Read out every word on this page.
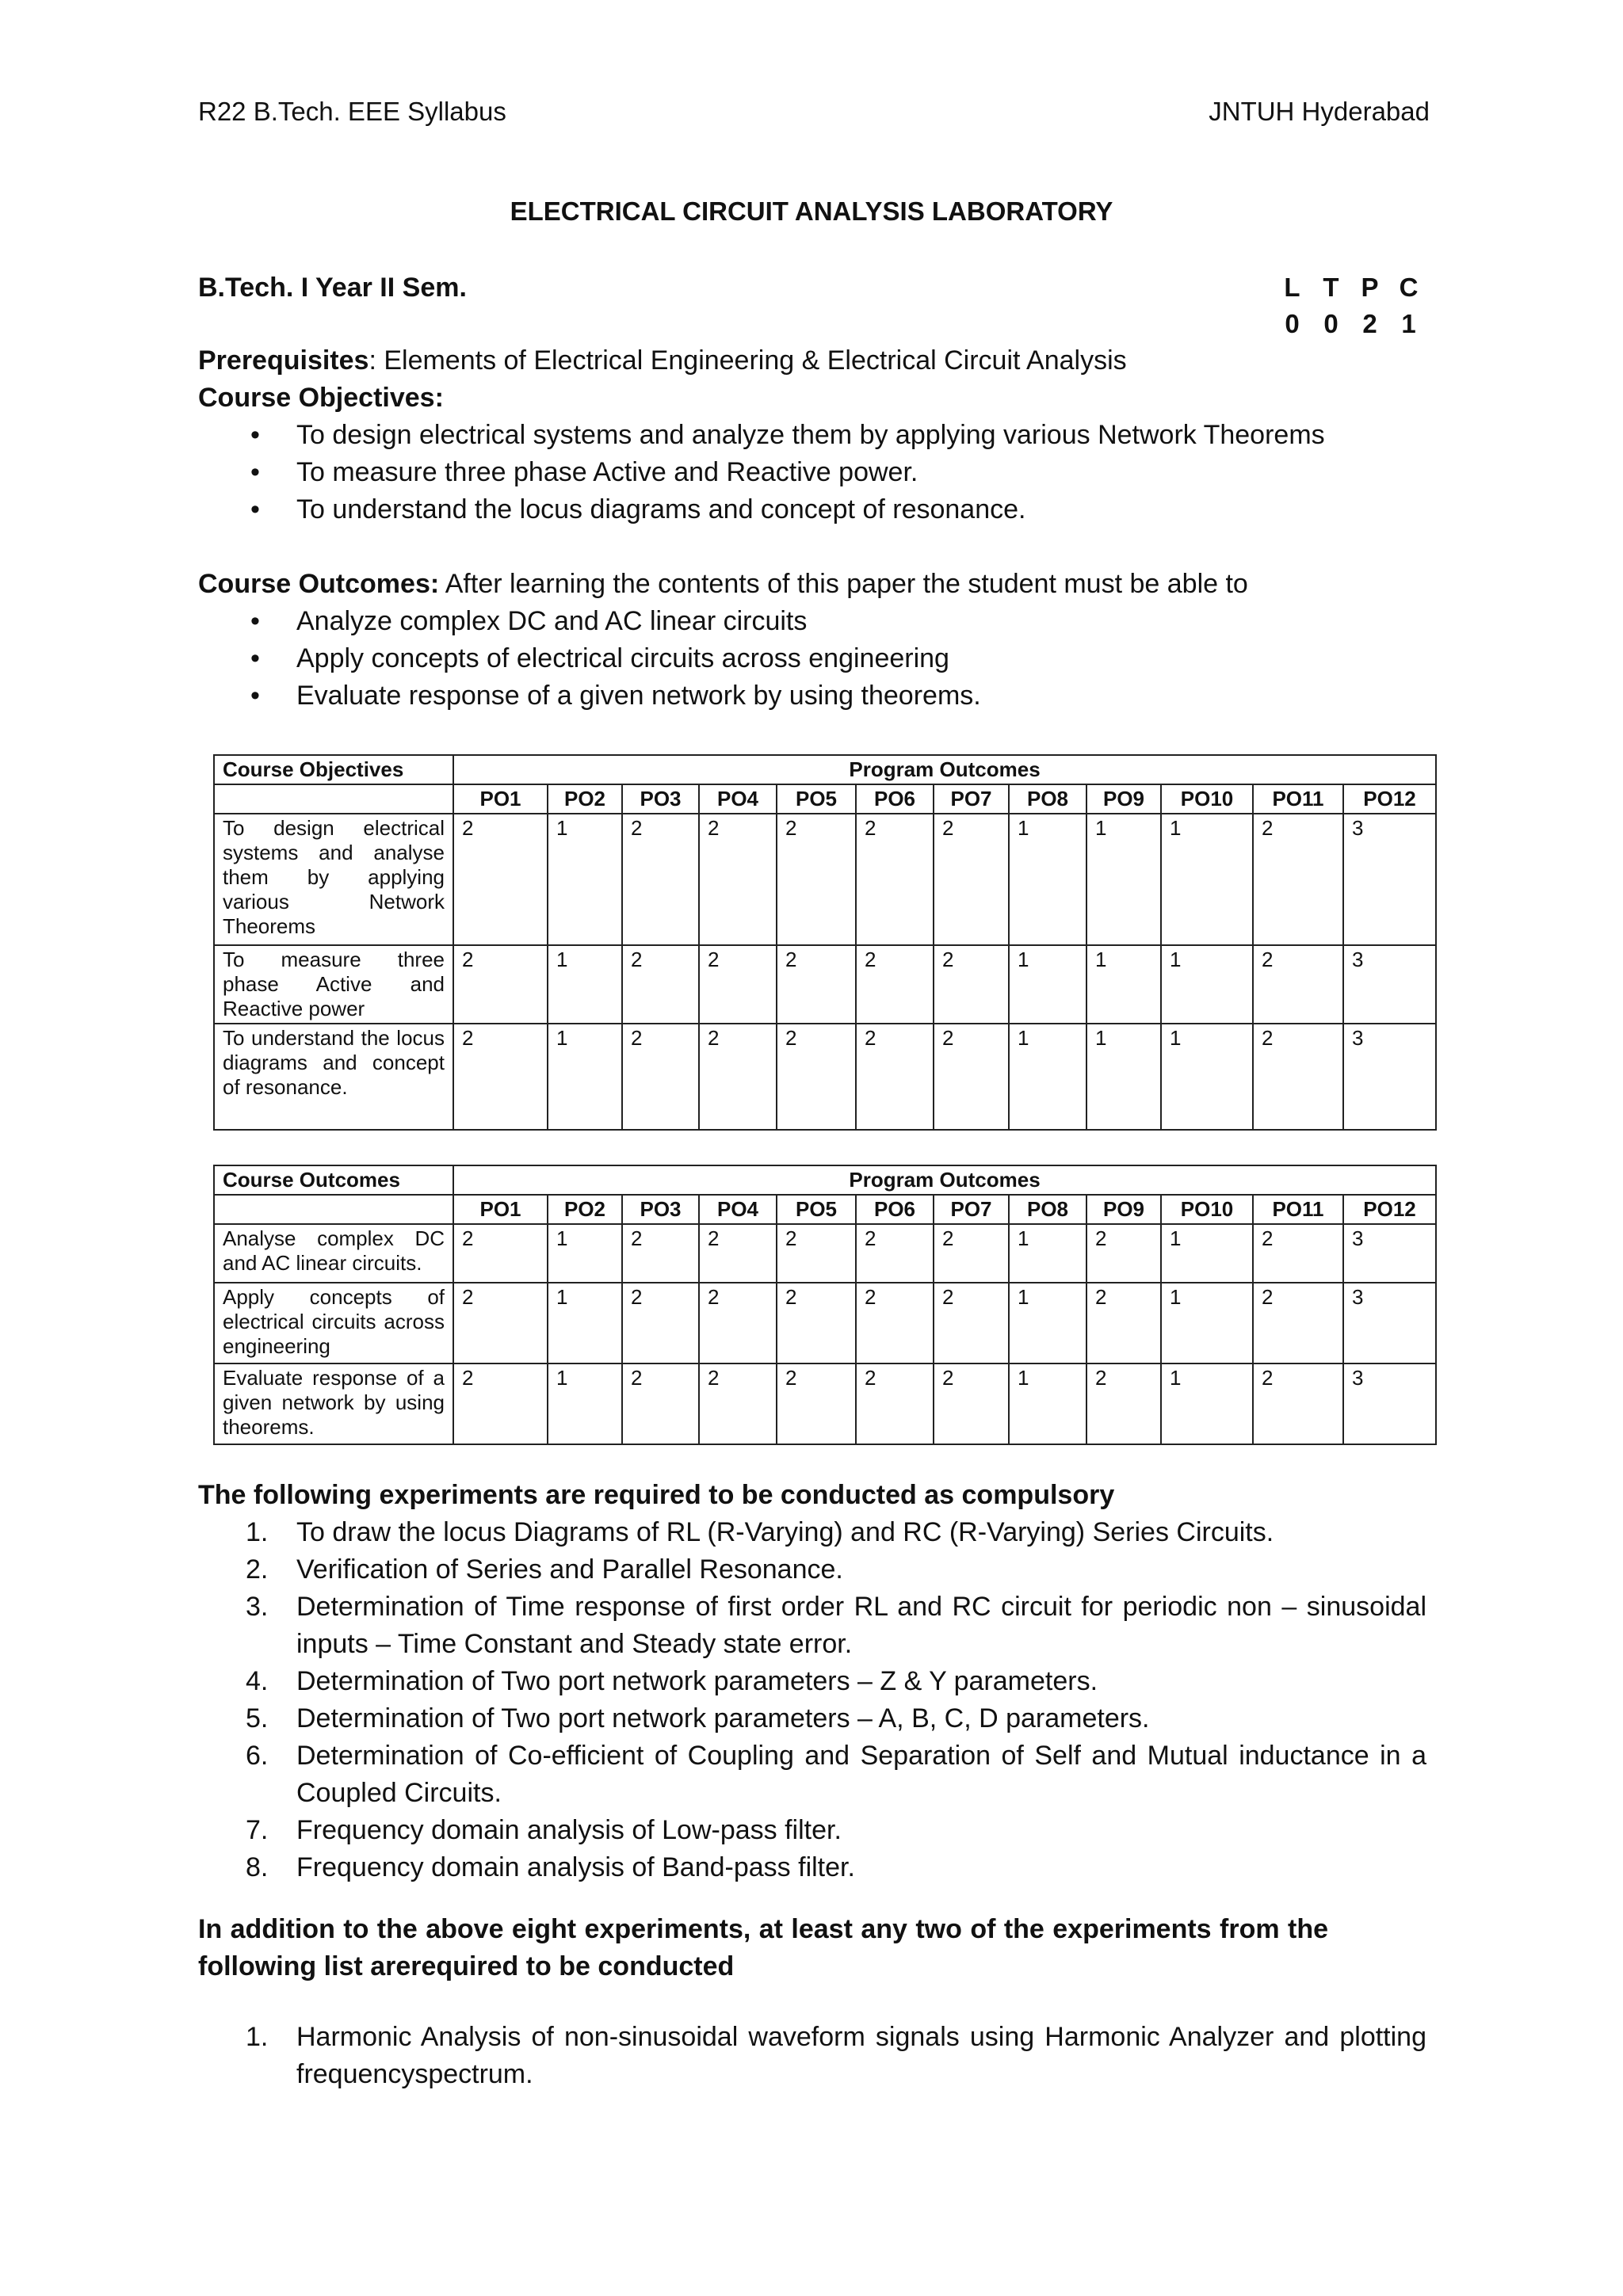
R22 B.Tech. EEE Syllabus	JNTUH Hyderabad
ELECTRICAL CIRCUIT ANALYSIS LABORATORY
B.Tech. I Year II Sem.	L T P C
0 0 2 1
Prerequisites: Elements of Electrical Engineering & Electrical Circuit Analysis
Course Objectives:
• To design electrical systems and analyze them by applying various Network Theorems
• To measure three phase Active and Reactive power.
• To understand the locus diagrams and concept of resonance.
Course Outcomes: After learning the contents of this paper the student must be able to
• Analyze complex DC and AC linear circuits
• Apply concepts of electrical circuits across engineering
• Evaluate response of a given network by using theorems.
Course Objectives	Program Outcomes											
	PO1	PO2	PO3	PO4	PO5	PO6	PO7	PO8	PO9	PO10	PO11	PO12
To design electrical systems and analyse them by applying various Network Theorems	2	1	2	2	2	2	2	1	1	1	2	3
To measure three phase Active and Reactive power	2	1	2	2	2	2	2	1	1	1	2	3
To understand the locus diagrams and concept of resonance.	2	1	2	2	2	2	2	1	1	1	2	3
Course Outcomes	Program Outcomes											
	PO1	PO2	PO3	PO4	PO5	PO6	PO7	PO8	PO9	PO10	PO11	PO12
Analyse complex DC and AC linear circuits.	2	1	2	2	2	2	2	1	2	1	2	3
Apply concepts of electrical circuits across engineering	2	1	2	2	2	2	2	1	2	1	2	3
Evaluate response of a given network by using theorems.	2	1	2	2	2	2	2	1	2	1	2	3
The following experiments are required to be conducted as compulsory
1. To draw the locus Diagrams of RL (R-Varying) and RC (R-Varying) Series Circuits.
2. Verification of Series and Parallel Resonance.
3. Determination of Time response of first order RL and RC circuit for periodic non – sinusoidal inputs – Time Constant and Steady state error.
4. Determination of Two port network parameters – Z & Y parameters.
5. Determination of Two port network parameters – A, B, C, D parameters.
6. Determination of Co-efficient of Coupling and Separation of Self and Mutual inductance in a Coupled Circuits.
7. Frequency domain analysis of Low-pass filter.
8. Frequency domain analysis of Band-pass filter.
In addition to the above eight experiments, at least any two of the experiments from the following list arerequired to be conducted
1. Harmonic Analysis of non-sinusoidal waveform signals using Harmonic Analyzer and plotting frequencyspectrum.
